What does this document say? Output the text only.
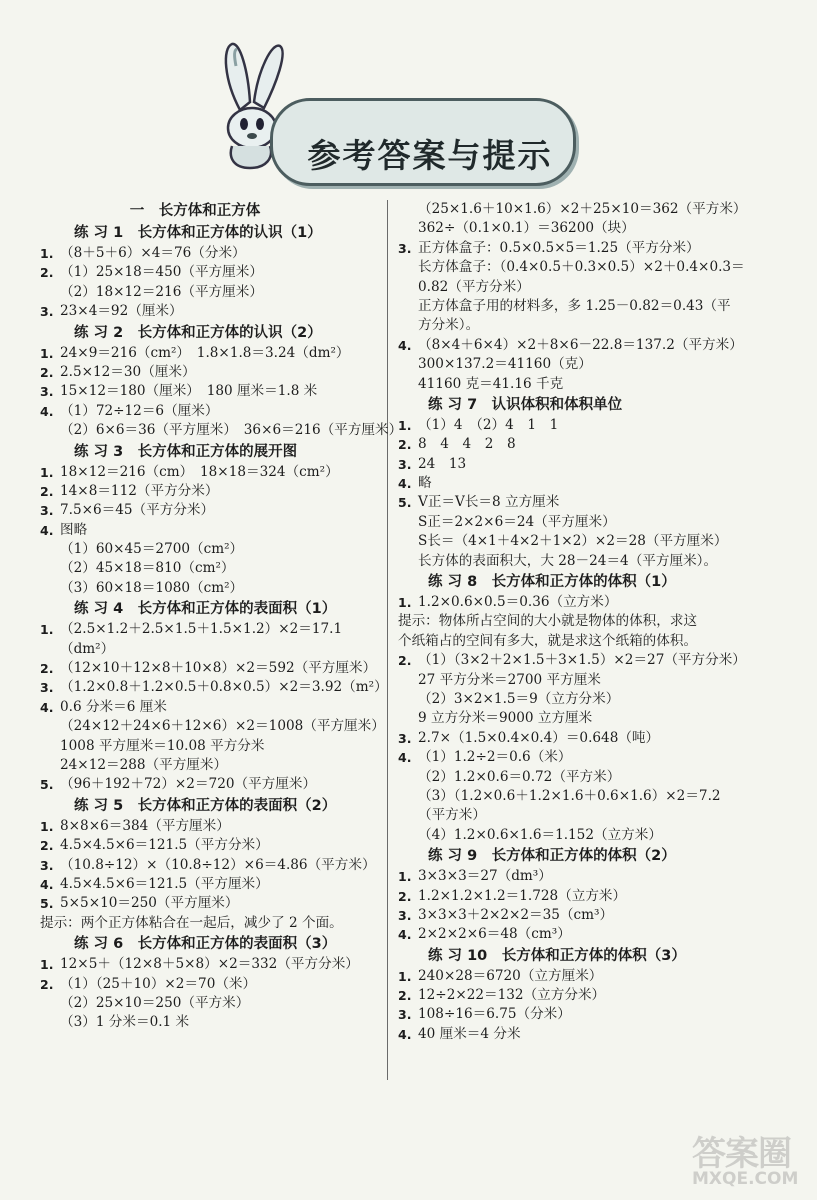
参考答案与提示
一　长方体和正方体
练 习 1　长方体和正方体的认识（1）
1. （8＋5＋6）×4＝76（分米）
2. （1）25×18＝450（平方厘米）
（2）18×12＝216（平方厘米）
3. 23×4＝92（厘米）
练 习 2　长方体和正方体的认识（2）
1. 24×9＝216（cm²）　1.8×1.8＝3.24（dm²）
2. 2.5×12＝30（厘米）
3. 15×12＝180（厘米）　180 厘米＝1.8 米
4. （1）72÷12＝6（厘米）
（2）6×6＝36（平方厘米）　36×6＝216（平方厘米）
练 习 3　长方体和正方体的展开图
1. 18×12＝216（cm）　18×18＝324（cm²）
2. 14×8＝112（平方分米）
3. 7.5×6＝45（平方分米）
4. 图略
（1）60×45＝2700（cm²）
（2）45×18＝810（cm²）
（3）60×18＝1080（cm²）
练 习 4　长方体和正方体的表面积（1）
1. （2.5×1.2＋2.5×1.5＋1.5×1.2）×2＝17.1
（dm²）
2. （12×10＋12×8＋10×8）×2＝592（平方厘米）
3. （1.2×0.8＋1.2×0.5＋0.8×0.5）×2＝3.92（m²）
4. 0.6 分米＝6 厘米
（24×12＋24×6＋12×6）×2＝1008（平方厘米）
1008 平方厘米＝10.08 平方分米
24×12＝288（平方厘米）
5. （96＋192＋72）×2＝720（平方厘米）
练 习 5　长方体和正方体的表面积（2）
1. 8×8×6＝384（平方厘米）
2. 4.5×4.5×6＝121.5（平方分米）
3. （10.8÷12）×（10.8÷12）×6＝4.86（平方米）
4. 4.5×4.5×6＝121.5（平方厘米）
5. 5×5×10＝250（平方厘米）
提示：两个正方体粘合在一起后，减少了 2 个面。
练 习 6　长方体和正方体的表面积（3）
1. 12×5＋（12×8＋5×8）×2＝332（平方分米）
2. （1）（25＋10）×2＝70（米）
（2）25×10＝250（平方米）
（3）1 分米＝0.1 米
（25×1.6＋10×1.6）×2＋25×10＝362（平方米）
362÷（0.1×0.1）＝36200（块）
3. 正方体盒子：0.5×0.5×5＝1.25（平方分米）
长方体盒子：（0.4×0.5＋0.3×0.5）×2＋0.4×0.3＝
0.82（平方分米）
正方体盒子用的材料多，多 1.25－0.82＝0.43（平
方分米）。
4. （8×4＋6×4）×2＋8×6－22.8＝137.2（平方米）
300×137.2＝41160（克）
41160 克＝41.16 千克
练 习 7　认识体积和体积单位
1. （1）4　（2）4　1　1
2. 8　4　4　2　8
3. 24　13
4. 略
5. V正＝V长＝8 立方厘米
S正＝2×2×6＝24（平方厘米）
S长＝（4×1＋4×2＋1×2）×2＝28（平方厘米）
长方体的表面积大，大 28－24＝4（平方厘米）。
练 习 8　长方体和正方体的体积（1）
1. 1.2×0.6×0.5＝0.36（立方米）
提示：物体所占空间的大小就是物体的体积，求这
个纸箱占的空间有多大，就是求这个纸箱的体积。
2. （1）（3×2＋2×1.5＋3×1.5）×2＝27（平方分米）
27 平方分米＝2700 平方厘米
（2）3×2×1.5＝9（立方分米）
9 立方分米＝9000 立方厘米
3. 2.7×（1.5×0.4×0.4）＝0.648（吨）
4. （1）1.2÷2＝0.6（米）
（2）1.2×0.6＝0.72（平方米）
（3）（1.2×0.6＋1.2×1.6＋0.6×1.6）×2＝7.2
（平方米）
（4）1.2×0.6×1.6＝1.152（立方米）
练 习 9　长方体和正方体的体积（2）
1. 3×3×3＝27（dm³）
2. 1.2×1.2×1.2＝1.728（立方米）
3. 3×3×3＋2×2×2＝35（cm³）
4. 2×2×2×6＝48（cm³）
练 习 10　长方体和正方体的体积（3）
1. 240×28＝6720（立方厘米）
2. 12÷2×22＝132（立方分米）
3. 108÷16＝6.75（分米）
4. 40 厘米＝4 分米
答案圈
MXQE.COM
